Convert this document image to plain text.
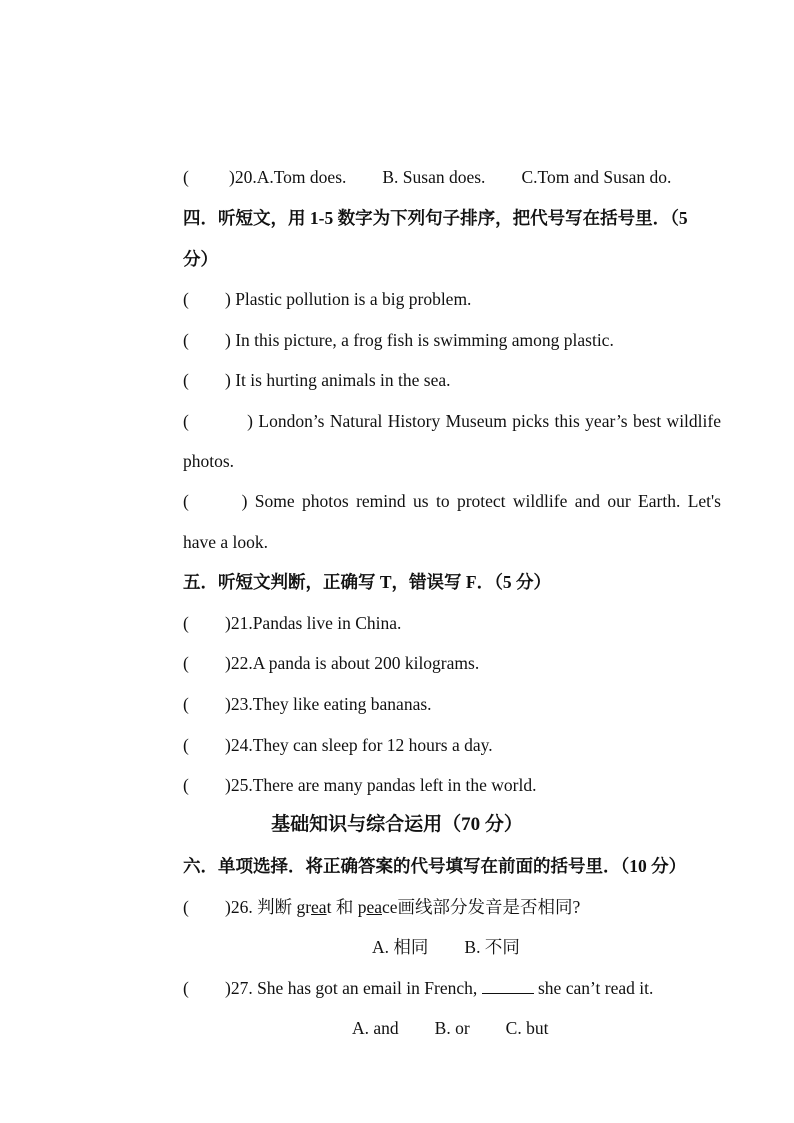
( )20.A.Tom does. B. Susan does. C.Tom and Susan do.
四．听短文，用 1-5 数字为下列句子排序，把代号写在括号里．（5
分）
( ) Plastic pollution is a big problem.
( ) In this picture, a frog fish is swimming among plastic.
( ) It is hurting animals in the sea.
(	) London’s Natural History Museum picks this year’s best wildlife
photos.
(	) Some photos remind us to protect wildlife and our Earth. Let's
have a look.
五．听短文判断，正确写 T，错误写 F．（5 分）
( )21.Pandas live in China.
( )22.A panda is about 200 kilograms.
( )23.They like eating bananas.
( )24.They can sleep for 12 hours a day.
( )25.There are many pandas left in the world.
基础知识与综合运用（70 分）
六．单项选择．将正确答案的代号填写在前面的括号里．（10 分）
( )26. 判断 great 和 peace画线部分发音是否相同?
A. 相同 B. 不同
( )27. She has got an email in French,	she can’t read it.
A. and B. or C. but
